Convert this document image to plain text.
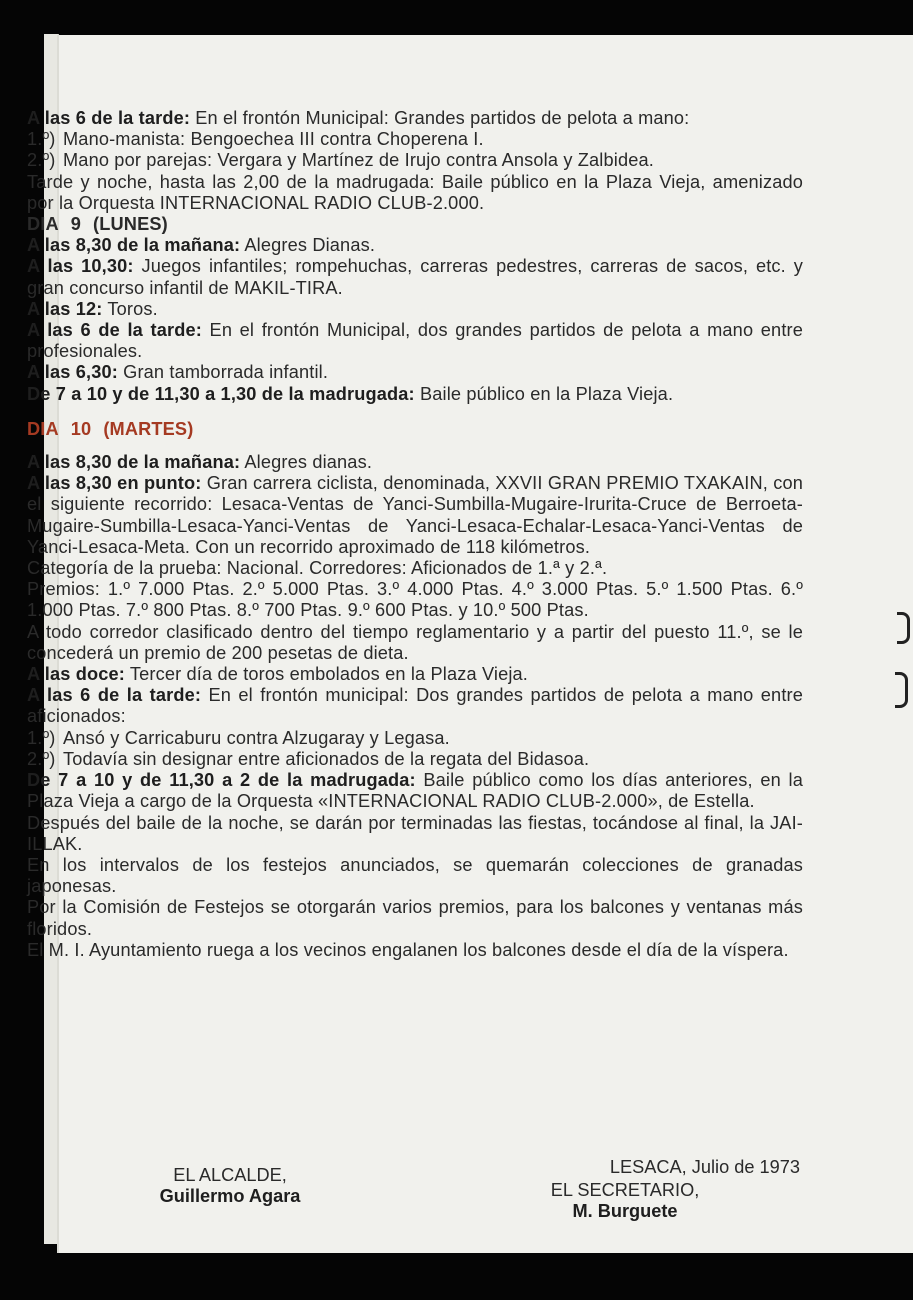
A las 6 de la tarde: En el frontón Municipal: Grandes partidos de pelota a mano:

1.º) Mano-manista: Bengoechea III contra Choperena I.
2.º) Mano por parejas: Vergara y Martínez de Irujo contra Ansola y Zalbidea.

Tarde y noche, hasta las 2,00 de la madrugada: Baile público en la Plaza Vieja, amenizado por la Orquesta INTERNACIONAL RADIO CLUB-2.000.

DIA 9 (LUNES)

A las 8,30 de la mañana: Alegres Dianas.

A las 10,30: Juegos infantiles; rompehuchas, carreras pedestres, carreras de sacos, etc. y gran concurso infantil de MAKIL-TIRA.

A las 12: Toros.

A las 6 de la tarde: En el frontón Municipal, dos grandes partidos de pelota a mano entre profesionales.

A las 6,30: Gran tamborrada infantil.

De 7 a 10 y de 11,30 a 1,30 de la madrugada: Baile público en la Plaza Vieja.

DIA 10 (MARTES)

A las 8,30 de la mañana: Alegres dianas.

A las 8,30 en punto: Gran carrera ciclista, denominada, XXVII GRAN PREMIO TXAKAIN, con el siguiente recorrido: Lesaca-Ventas de Yanci-Sumbilla-Mugaire-Irurita-Cruce de Berroeta-Mugaire-Sumbilla-Lesaca-Yanci-Ventas de Yanci-Lesaca-Echalar-Lesaca-Yanci-Ventas de Yanci-Lesaca-Meta. Con un recorrido aproximado de 118 kilómetros.

Categoría de la prueba: Nacional. Corredores: Aficionados de 1.ª y 2.ª.

Premios: 1.º 7.000 Ptas. 2.º 5.000 Ptas. 3.º 4.000 Ptas. 4.º 3.000 Ptas. 5.º 1.500 Ptas. 6.º 1.000 Ptas. 7.º 800 Ptas. 8.º 700 Ptas. 9.º 600 Ptas. y 10.º 500 Ptas.

A todo corredor clasificado dentro del tiempo reglamentario y a partir del puesto 11.º, se le concederá un premio de 200 pesetas de dieta.

A las doce: Tercer día de toros embolados en la Plaza Vieja.

A las 6 de la tarde: En el frontón municipal: Dos grandes partidos de pelota a mano entre aficionados:

1.º) Ansó y Carricaburu contra Alzugaray y Legasa.
2.º) Todavía sin designar entre aficionados de la regata del Bidasoa.

De 7 a 10 y de 11,30 a 2 de la madrugada: Baile público como los días anteriores, en la Plaza Vieja a cargo de la Orquesta «INTERNACIONAL RADIO CLUB-2.000», de Estella.

Después del baile de la noche, se darán por terminadas las fiestas, tocándose al final, la JAI-ILLAK.

En los intervalos de los festejos anunciados, se quemarán colecciones de granadas japonesas.

Por la Comisión de Festejos se otorgarán varios premios, para los balcones y ventanas más floridos.

El M. I. Ayuntamiento ruega a los vecinos engalanen los balcones desde el día de la víspera.

LESACA, Julio de 1973
EL ALCALDE,
Guillermo Agara	EL SECRETARIO,
M. Burguete
